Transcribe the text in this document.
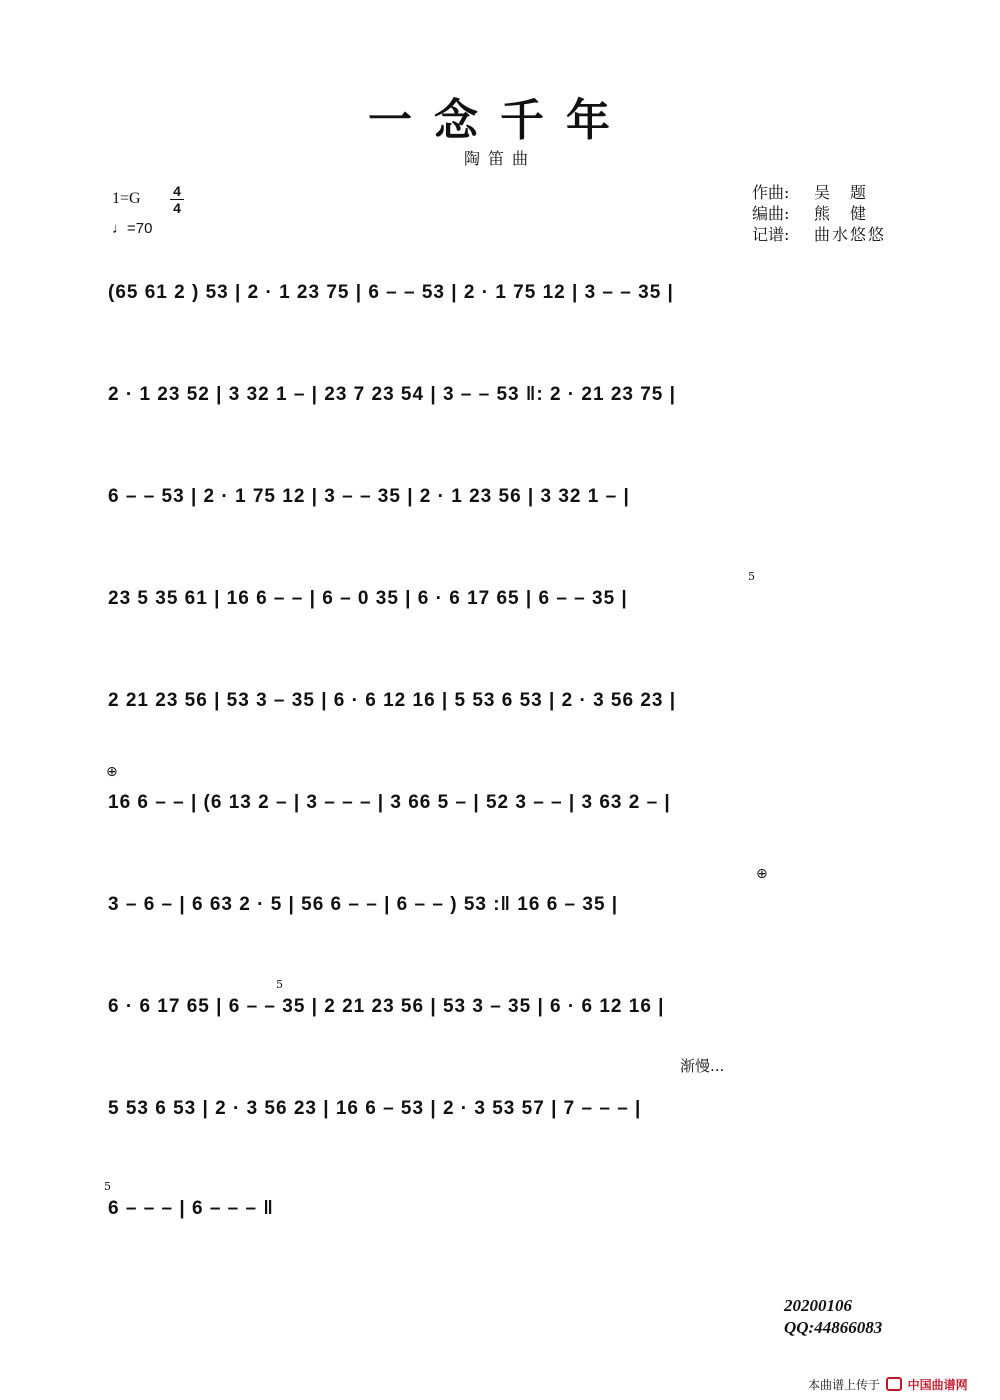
一念千年
陶笛曲
1=G 4
4
♩=70
作曲: 吴　题
编曲: 熊　健
记谱: 曲水悠悠
(65 61 2 ) 53 | 2 · 1 23 75 | 6 – – 53 | 2 · 1 75 12 | 3 – – 35 |
2 · 1 23 52 | 3 32 1 – | 23 7 23 54 | 3 – – 53 ‖: 2 · 21 23 75 |
6 – – 53 | 2 · 1 75 12 | 3 – – 35 | 2 · 1 23 56 | 3 32 1 – |
23 5 35 61 | 16 6 – – | 6 – 0 35 | 6 · 6 17 65 | 6 – – 35 |
5
2 21 23 56 | 53 3 – 35 | 6 · 6 12 16 | 5 53 6 53 | 2 · 3 56 23 |
⊕
16 6 – – | (6 13 2 – | 3 – – – | 3 66 5 – | 52 3 – – | 3 63 2 – |
⊕
3 – 6 – | 6 63 2 · 5 | 56 6 – – | 6 – – ) 53 :‖ 16 6 – 35 |
6 · 6 17 65 | 6 – – 35 | 2 21 23 56 | 53 3 – 35 | 6 · 6 12 16 |
5
渐慢...
5 53 6 53 | 2 · 3 56 23 | 16 6 – 53 | 2 · 3 53 57 | 7 – – – |
5
6 – – – | 6 – – – ‖
20200106
QQ:44866083
本曲谱上传于 中国曲谱网
